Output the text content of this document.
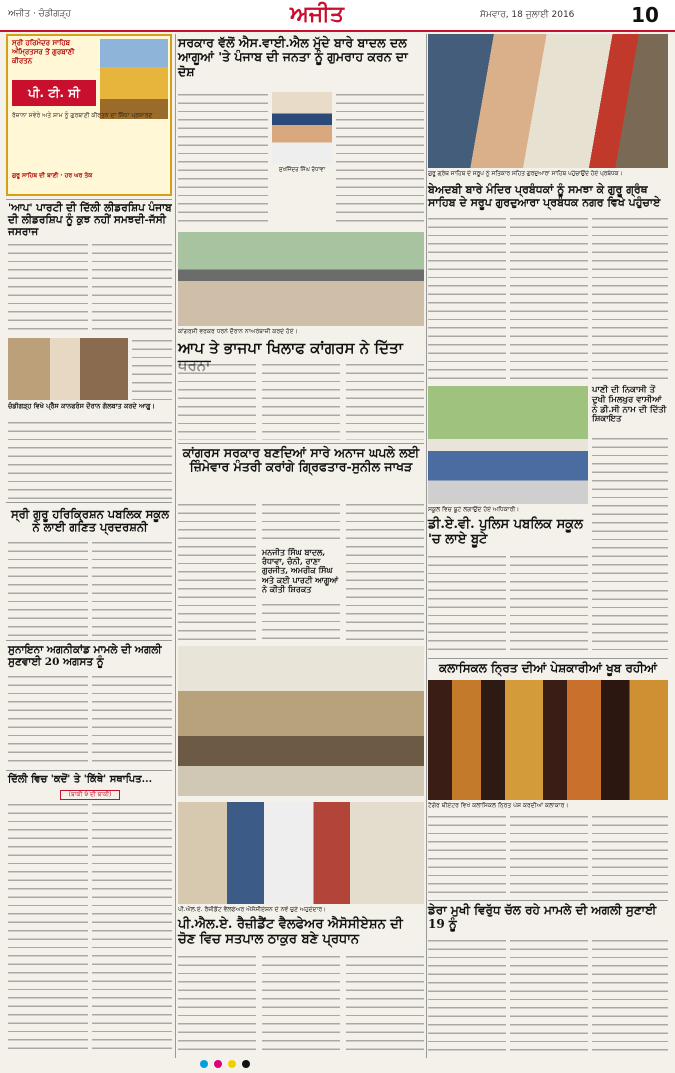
ਅਜੀਤ · ਚੰਡੀਗੜ੍ਹ	ਅਜੀਤ	ਸੋਮਵਾਰ, 18 ਜੁਲਾਈ 2016	10
ਸ੍ਰੀ ਹਰਿਮੰਦਰ ਸਾਹਿਬ ਅੰਮ੍ਰਿਤਸਰ ਤੋਂ ਗੁਰਬਾਣੀ ਕੀਰਤਨ
ਪੀ. ਟੀ. ਸੀ
ਰੋਜ਼ਾਨਾ ਸਵੇਰੇ ਅਤੇ ਸ਼ਾਮ ਨੂੰ ਗੁਰਬਾਣੀ ਕੀਰਤਨ ਦਾ ਸਿੱਧਾ ਪ੍ਰਸਾਰਣ
ਗੁਰੂ ਸਾਹਿਬ ਦੀ ਬਾਣੀ · ਹਰ ਘਰ ਤੱਕ
ਸਰਕਾਰ ਵੱਲੋਂ ਐਸ.ਵਾਈ.ਐਲ ਮੁੱਦੇ ਬਾਰੇ ਬਾਦਲ ਦਲ ਆਗੂਆਂ 'ਤੇ ਪੰਜਾਬ ਦੀ ਜਨਤਾ ਨੂੰ ਗੁਮਰਾਹ ਕਰਨ ਦਾ ਦੋਸ਼
ਸੁਖਜਿੰਦਰ ਸਿੰਘ ਰੰਧਾਵਾ
'ਆਪ' ਪਾਰਟੀ ਦੀ ਦਿੱਲੀ ਲੀਡਰਸ਼ਿਪ ਪੰਜਾਬ ਦੀ ਲੀਡਰਸ਼ਿਪ ਨੂੰ ਕੁਝ ਨਹੀਂ ਸਮਝਦੀ-ਜੱਸੀ ਜਸਰਾਜ
ਚੰਡੀਗੜ੍ਹ ਵਿਖੇ ਪ੍ਰੈੱਸ ਕਾਨਫਰੰਸ ਦੌਰਾਨ ਗੱਲਬਾਤ ਕਰਦੇ ਆਗੂ।
ਕਾਂਗਰਸੀ ਵਰਕਰ ਧਰਨੇ ਦੌਰਾਨ ਨਾਅਰੇਬਾਜ਼ੀ ਕਰਦੇ ਹੋਏ।
ਆਪ ਤੇ ਭਾਜਪਾ ਖਿਲਾਫ ਕਾਂਗਰਸ ਨੇ ਦਿੱਤਾ
ਗੁਰੂ ਗ੍ਰੰਥ ਸਾਹਿਬ ਦੇ ਸਰੂਪ ਨੂੰ ਸਤਿਕਾਰ ਸਹਿਤ ਗੁਰਦੁਆਰਾ ਸਾਹਿਬ ਪਹੁੰਚਾਉਂਦੇ ਹੋਏ ਪ੍ਰਬੰਧਕ।
ਬੇਅਦਬੀ ਬਾਰੇ ਮੰਦਿਰ ਪ੍ਰਬੰਧਕਾਂ ਨੂੰ ਸਮਝਾ ਕੇ ਗੁਰੂ ਗ੍ਰੰਥ ਸਾਹਿਬ ਦੇ ਸਰੂਪ ਗੁਰਦੁਆਰਾ ਪ੍ਰਬੰਧਕ ਨਗਰ ਵਿਖੇ ਪਹੁੰਚਾਏ
ਪਾਣੀ ਦੀ ਨਿਕਾਸੀ ਤੋਂ ਦੁਖੀ ਮਿਲਖੁਰ ਵਾਸੀਆਂ ਨੇ ਡੀ.ਸੀ ਨਾਮ ਦੀ ਦਿੱਤੀ ਸ਼ਿਕਾਇਤ
ਸਕੂਲ ਵਿਚ ਬੂਟੇ ਲਗਾਉਂਦੇ ਹੋਏ ਅਧਿਕਾਰੀ।
ਡੀ.ਏ.ਵੀ. ਪੁਲਿਸ ਪਬਲਿਕ ਸਕੂਲ 'ਚ ਲਾਏ ਬੂਟੇ
ਕਾਂਗਰਸ ਸਰਕਾਰ ਬਣਦਿਆਂ ਸਾਰੇ ਅਨਾਜ ਘਪਲੇ ਲਈ ਜ਼ਿੰਮੇਵਾਰ ਮੰਤਰੀ ਕਰਾਂਗੇ ਗ੍ਰਿਫਤਾਰ-ਸੁਨੀਲ ਜਾਖੜ
ਮਨਜੀਤ ਸਿੰਘ ਬਾਦਲ, ਰੰਧਾਵਾ, ਚੰਨੀ, ਰਾਣਾ ਗੁਰਜੀਤ, ਅਮਰੀਕ ਸਿੰਘ ਅਤੇ ਕਈ ਪਾਰਟੀ ਆਗੂਆਂ ਨੇ ਕੀਤੀ ਸ਼ਿਰਕਤ
ਸ੍ਰੀ ਗੁਰੂ ਹਰਿਕ੍ਰਿਸ਼ਨ ਪਬਲਿਕ ਸਕੂਲ ਨੇ ਲਾਈ ਗਣਿਤ ਪ੍ਰਦਰਸ਼ਨੀ
ਸੁਨਾਇਨਾ ਅਗਨੀਕਾਂਡ ਮਾਮਲੇ ਦੀ ਅਗਲੀ ਸੁਣਵਾਈ 20 ਅਗਸਤ ਨੂੰ
ਦਿੱਲੀ ਵਿਚ 'ਕਦੋਂ' ਤੇ 'ਕਿੱਥੇ' ਸਥਾਪਿਤ...
(ਬਾਕੀ 9 ਦੀ ਬਾਕੀ)
ਪੀ.ਐਲ.ਏ. ਰੈਜ਼ੀਡੈਂਟ ਵੈਲਫੇਅਰ ਐਸੋਸੀਏਸ਼ਨ ਦੇ ਨਵੇਂ ਚੁਣੇ ਅਹੁਦੇਦਾਰ।
ਪੀ.ਐਲ.ਏ. ਰੈਜ਼ੀਡੈਂਟ ਵੈਲਫੇਅਰ ਐਸੋਸੀਏਸ਼ਨ ਦੀ ਚੋਣ ਵਿਚ ਸਤਪਾਲ ਠਾਕੁਰ ਬਣੇ ਪ੍ਰਧਾਨ
ਕਲਾਸਿਕਲ ਨ੍ਰਿਤ ਦੀਆਂ ਪੇਸ਼ਕਾਰੀਆਂ ਖੂਬ ਰਹੀਆਂ
ਟੈਗੋਰ ਥੀਏਟਰ ਵਿਖੇ ਕਲਾਸਿਕਲ ਨ੍ਰਿਤ ਪੇਸ਼ ਕਰਦੀਆਂ ਕਲਾਕਾਰ।
ਡੇਰਾ ਮੁਖੀ ਵਿਰੁੱਧ ਚੱਲ ਰਹੇ ਮਾਮਲੇ ਦੀ ਅਗਲੀ ਸੁਣਾਈ 19 ਨੂੰ
